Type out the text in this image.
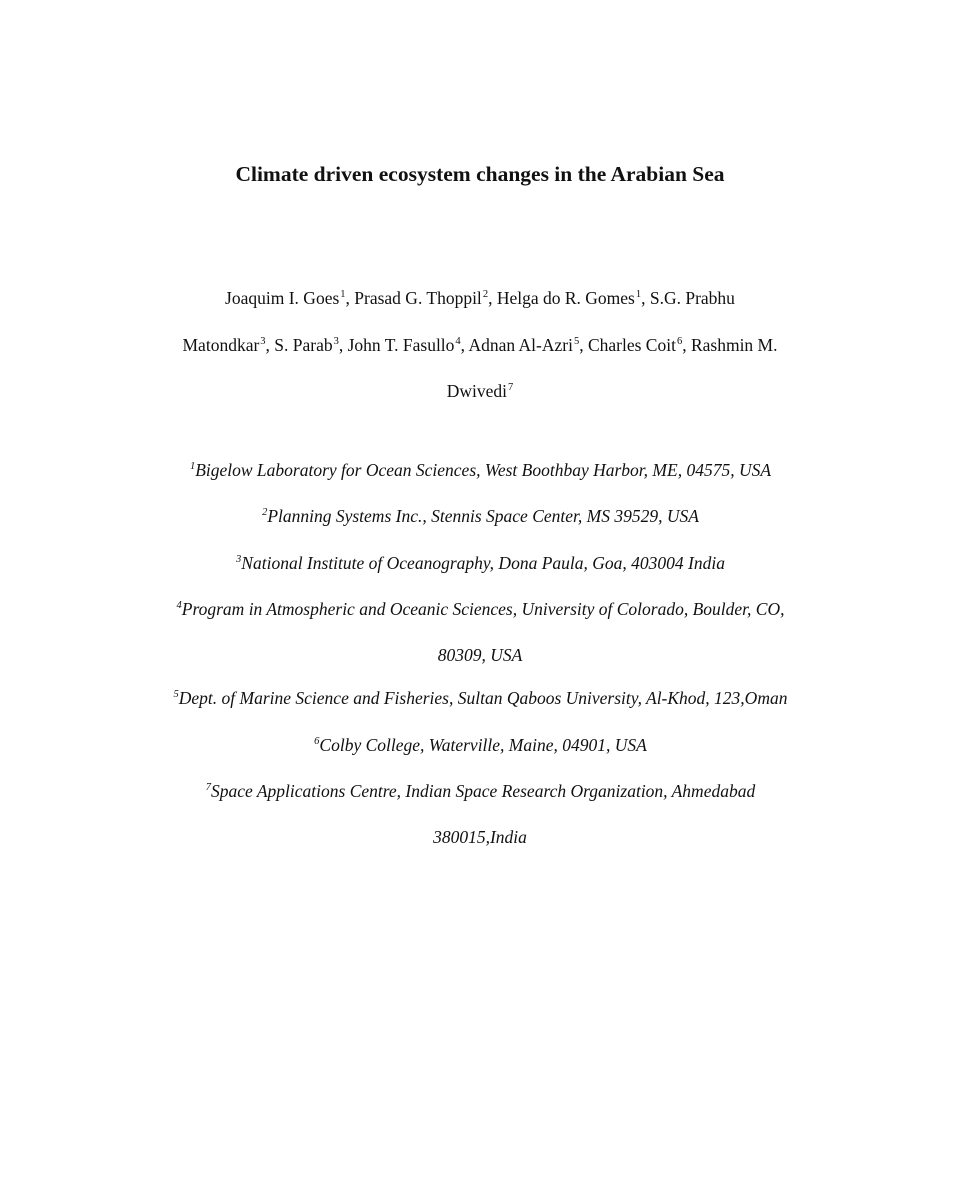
Climate driven ecosystem changes in the Arabian Sea
Joaquim I. Goes$^1$, Prasad G. Thoppil$^2$, Helga do R. Gomes$^1$, S.G. Prabhu
Matondkar$^3$, S. Parab$^3$, John T. Fasullo$^4$, Adnan Al-Azri$^5$, Charles Coit$^6$, Rashmin M.
Dwivedi$^7$
$^1$Bigelow Laboratory for Ocean Sciences, West Boothbay Harbor, ME, 04575, USA
$^2$Planning Systems Inc., Stennis Space Center, MS 39529, USA
$^3$National Institute of Oceanography, Dona Paula, Goa, 403004 India
$^4$Program in Atmospheric and Oceanic Sciences, University of Colorado, Boulder, CO,
80309, USA
$^5$Dept. of Marine Science and Fisheries, Sultan Qaboos University, Al-Khod, 123,Oman
$^6$Colby College, Waterville, Maine, 04901, USA
$^7$Space Applications Centre, Indian Space Research Organization, Ahmedabad
380015,India
